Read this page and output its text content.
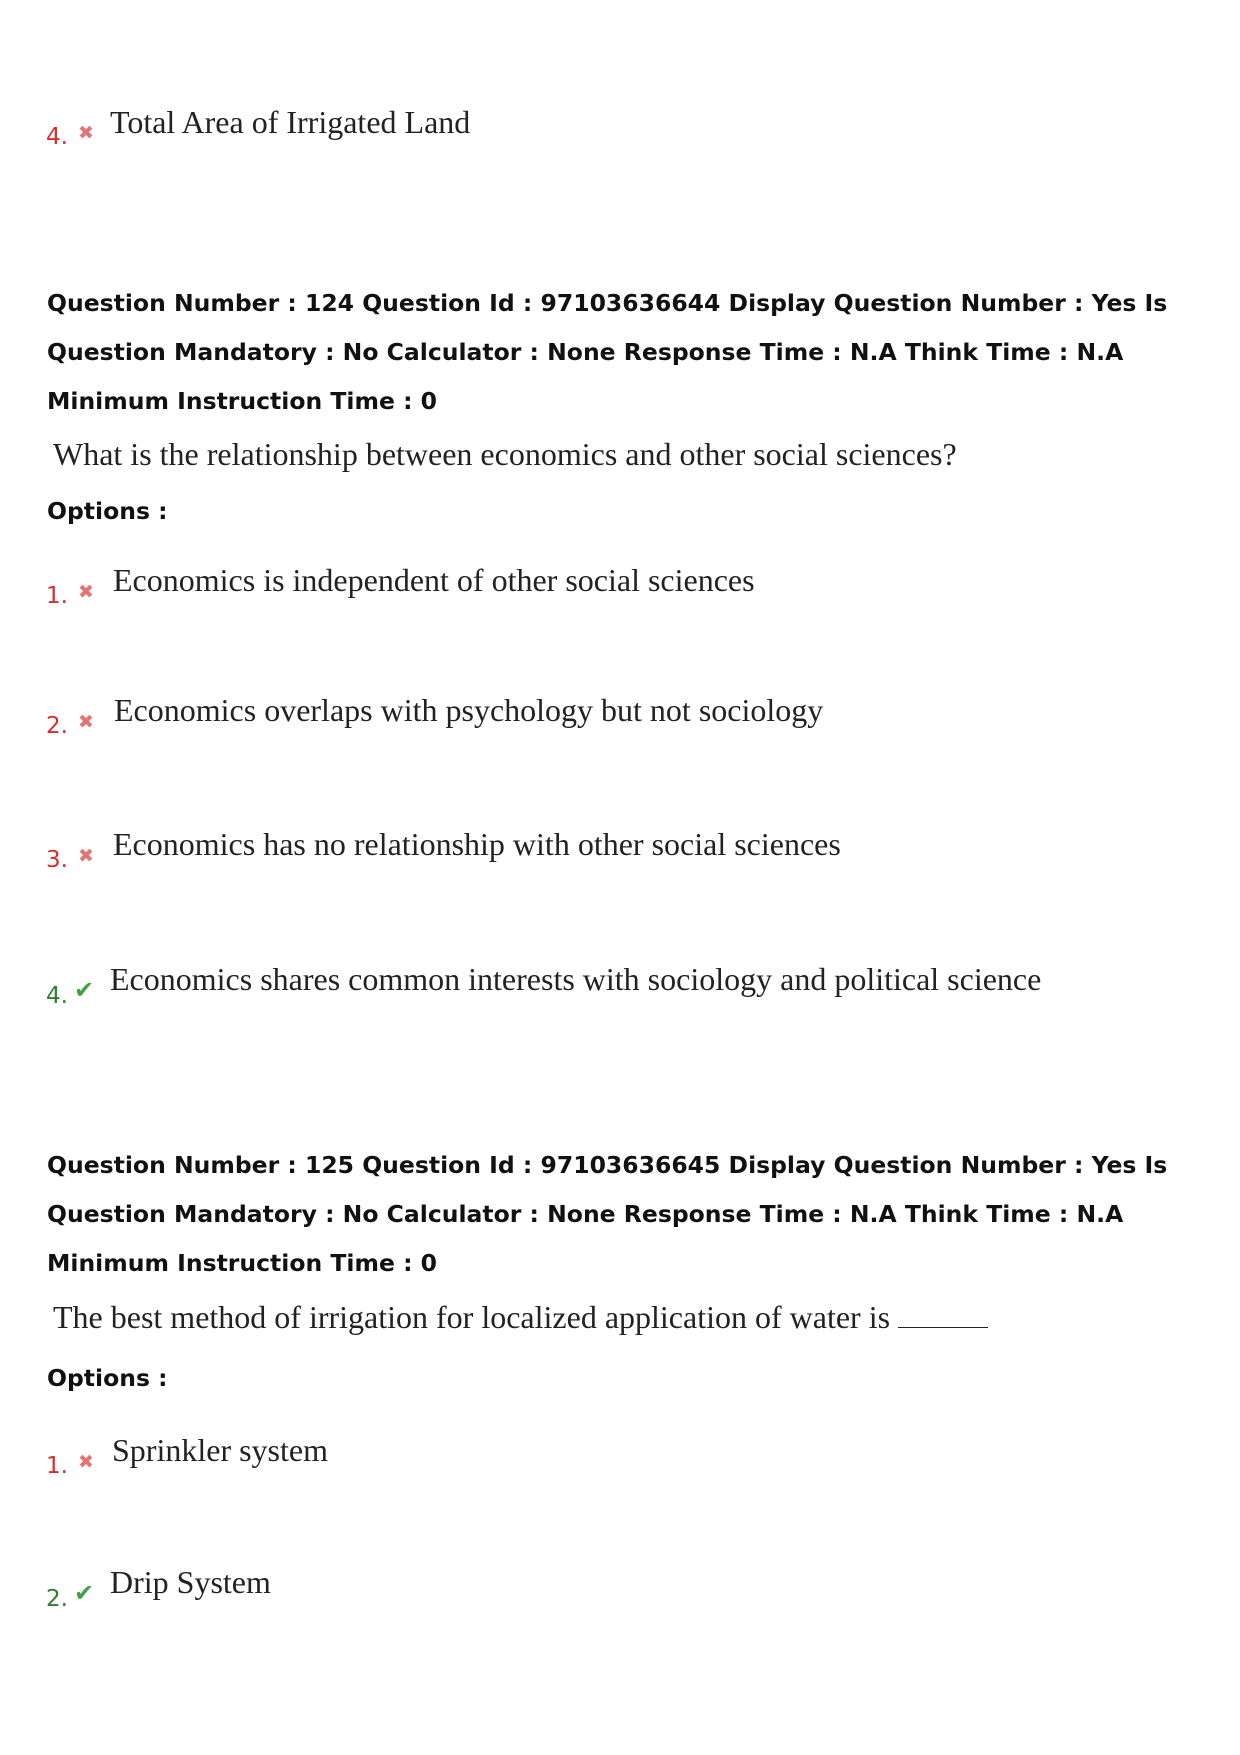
4. ✖ Total Area of Irrigated Land
Question Number : 124 Question Id : 97103636644 Display Question Number : Yes Is Question Mandatory : No Calculator : None Response Time : N.A Think Time : N.A Minimum Instruction Time : 0
What is the relationship between economics and other social sciences?
Options :
1. ✖ Economics is independent of other social sciences
2. ✖ Economics overlaps with psychology but not sociology
3. ✖ Economics has no relationship with other social sciences
4. ✔ Economics shares common interests with sociology and political science
Question Number : 125 Question Id : 97103636645 Display Question Number : Yes Is Question Mandatory : No Calculator : None Response Time : N.A Think Time : N.A Minimum Instruction Time : 0
The best method of irrigation for localized application of water is
Options :
1. ✖ Sprinkler system
2. ✔ Drip System
